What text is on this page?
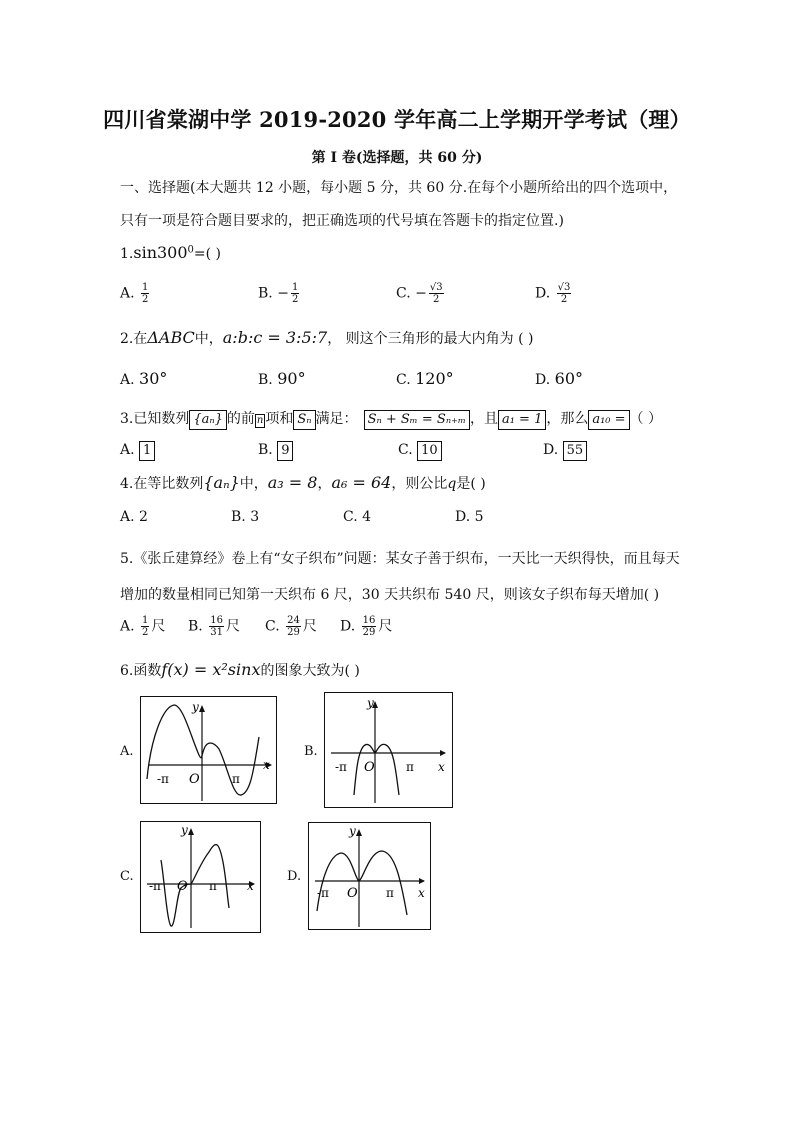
四川省棠湖中学 2019-2020 学年高二上学期开学考试（理）
第 I 卷(选择题，共 60 分)
一、选择题(本大题共 12 小题，每小题 5 分，共 60 分.在每个小题所给出的四个选项中，只有一项是符合题目要求的，把正确选项的代号填在答题卡的指定位置.)
$1.\sin 300^0=$( )
A. $\frac{1}{2}$	B. − $\frac{1}{2}$	C. − $\frac{√3}{2}$	D. $\frac{√3}{2}$
2.在ΔABC中，a:b:c = 3:5:7， 则这个三角形的最大内角为 ( )
A. 30°	B. 90°	C. 120°	D. 60°
3.已知数列 {aₙ} 的前 n 项和 Sₙ 满足： Sₙ + Sₘ = Sₙ₊ₘ ，且 a₁ = 1 ，那么 a₁₀ = （ ）
A. 1	B. 9	C. 10	D. 55
4.在等比数列{aₙ}中，a₃ = 8，a₆ = 64，则公比q是( )
A. 2	B. 3	C. 4	D. 5
5.《张丘建算经》卷上有“女子织布”问题：某女子善于织布，一天比一天织得快，而且每天增加的数量相同已知第一天织布 6 尺，30 天共织布 540 尺，则该女子织布每天增加( )
A. $\frac{1}{2}$ 尺 B. $\frac{16}{31}$ 尺 C. $\frac{24}{29}$ 尺 D. $\frac{16}{29}$ 尺
6.函数f(x) = x²sinx的图象大致为( )
A.
-π O	π
x
y
B.
-π O	π x
y
C.
-π O π	x
y
D.
-π O π x
y
